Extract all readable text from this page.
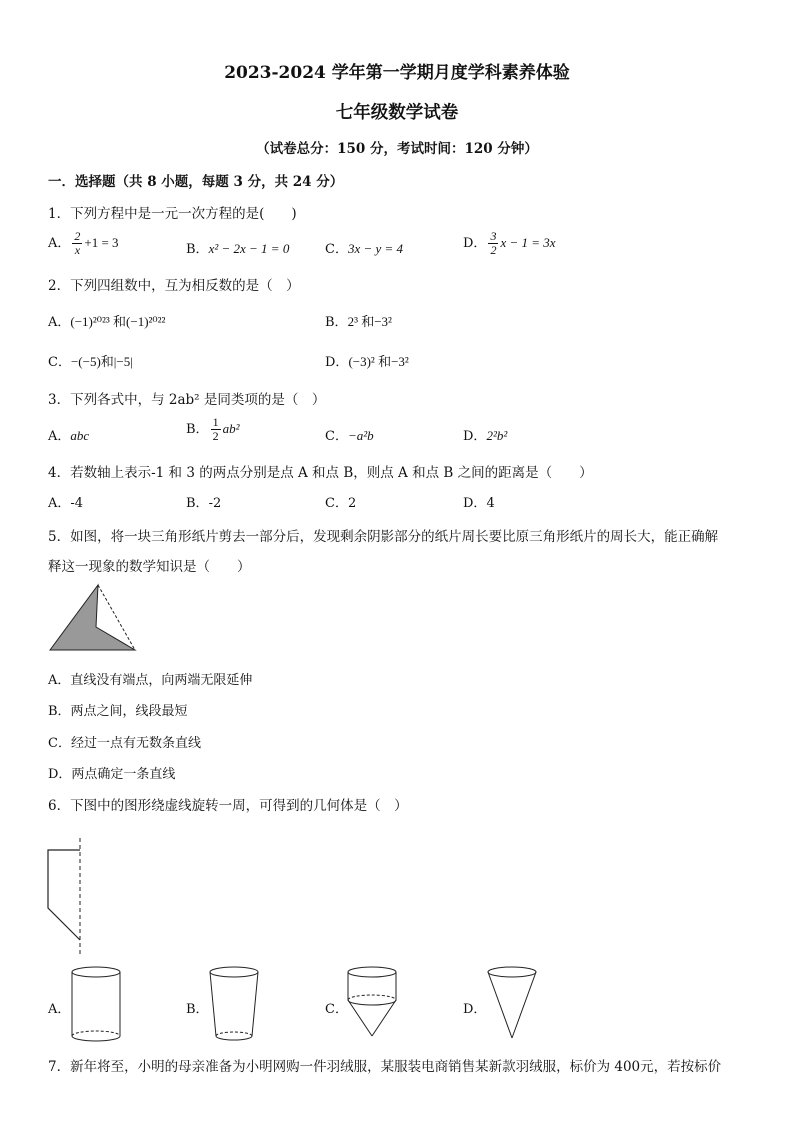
2023-2024 学年第一学期月度学科素养体验
七年级数学试卷
（试卷总分：150 分，考试时间：120 分钟）
一．选择题（共 8 小题，每题 3 分，共 24 分）
1．下列方程中是一元一次方程的是(　　)
A． $\frac{2}{x} +1 = 3$	B．x² − 2x − 1 = 0	C．3x − y = 4	D． $\frac{3}{2}$ x − 1 = 3x
2．下列四组数中，互为相反数的是（　）
A．(−1)²⁰²³ 和(−1)²⁰²²	B．2³ 和−3²
C．−(−5)和|−5|	D．(−3)² 和−3²
3．下列各式中，与 2ab² 是同类项的是（　）
A．abc	B． $\frac{1}{2} ab^2$
C．−a²b	D．2²b²
4．若数轴上表示-1 和 3 的两点分别是点 A 和点 B，则点 A 和点 B 之间的距离是（　　）
A．-4	B．-2	C．2	D．4
5．如图，将一块三角形纸片剪去一部分后，发现剩余阴影部分的纸片周长要比原三角形纸片的周长大，能正确解
释这一现象的数学知识是（　　）
A．直线没有端点，向两端无限延伸
B．两点之间，线段最短
C．经过一点有无数条直线
D．两点确定一条直线
6．下图中的图形绕虚线旋转一周，可得到的几何体是（　）
A．	B．	C．	D．
7．新年将至，小明的母亲准备为小明网购一件羽绒服，某服装电商销售某新款羽绒服，标价为 400元，若按标价
